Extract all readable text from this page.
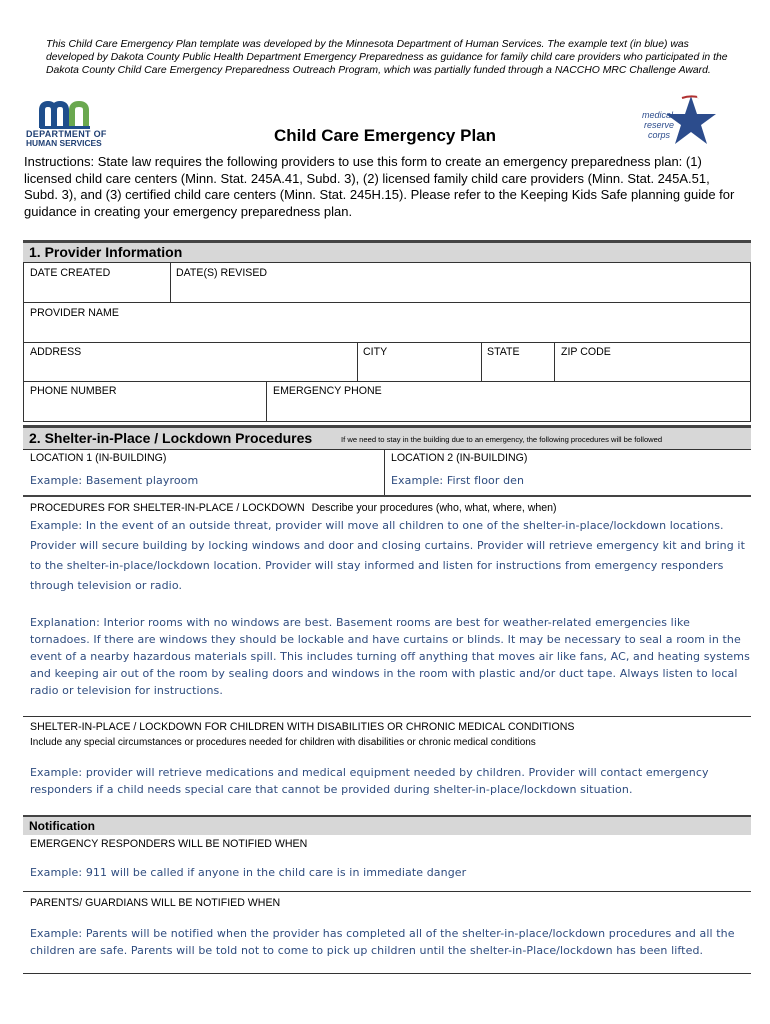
This Child Care Emergency Plan template was developed by the Minnesota Department of Human Services. The example text (in blue) was developed by Dakota County Public Health Department Emergency Preparedness as guidance for family child care providers who participated in the Dakota County Child Care Emergency Preparedness Outreach Program, which was partially funded through a NACCHO MRC Challenge Award.
DEPARTMENT OF
HUMAN SERVICES
medical
reserve
corps
Child Care Emergency Plan
Instructions: State law requires the following providers to use this form to create an emergency preparedness plan: (1) licensed child care centers (Minn. Stat. 245A.41, Subd. 3), (2) licensed family child care providers (Minn. Stat. 245A.51, Subd. 3), and (3) certified child care centers (Minn. Stat. 245H.15). Please refer to the Keeping Kids Safe planning guide for guidance in creating your emergency preparedness plan.
1. Provider Information
DATE CREATED	DATE(S) REVISED
PROVIDER NAME
ADDRESS	CITY	STATE	ZIP CODE
PHONE NUMBER	EMERGENCY PHONE
2. Shelter-in-Place / Lockdown Procedures	If we need to stay in the building due to an emergency, the following procedures will be followed
LOCATION 1 (IN-BUILDING)
Example: Basement playroom
LOCATION 2 (IN-BUILDING)
Example: First floor den
PROCEDURES FOR SHELTER-IN-PLACE / LOCKDOWN Describe your procedures (who, what, where, when)
Example: In the event of an outside threat, provider will move all children to one of the shelter-in-place/lockdown locations. Provider will secure building by locking windows and door and closing curtains. Provider will retrieve emergency kit and bring it to the shelter-in-place/lockdown location. Provider will stay informed and listen for instructions from emergency responders through television or radio.
Explanation: Interior rooms with no windows are best. Basement rooms are best for weather-related emergencies like tornadoes. If there are windows they should be lockable and have curtains or blinds. It may be necessary to seal a room in the event of a nearby hazardous materials spill. This includes turning off anything that moves air like fans, AC, and heating systems and keeping air out of the room by sealing doors and windows in the room with plastic and/or duct tape. Always listen to local radio or television for instructions.
SHELTER-IN-PLACE / LOCKDOWN FOR CHILDREN WITH DISABILITIES OR CHRONIC MEDICAL CONDITIONS
Include any special circumstances or procedures needed for children with disabilities or chronic medical conditions
Example: provider will retrieve medications and medical equipment needed by children. Provider will contact emergency responders if a child needs special care that cannot be provided during shelter-in-place/lockdown situation.
Notification
EMERGENCY RESPONDERS WILL BE NOTIFIED WHEN
Example: 911 will be called if anyone in the child care is in immediate danger
PARENTS/ GUARDIANS WILL BE NOTIFIED WHEN
Example: Parents will be notified when the provider has completed all of the shelter-in-place/lockdown procedures and all the children are safe. Parents will be told not to come to pick up children until the shelter-in-Place/lockdown has been lifted.
